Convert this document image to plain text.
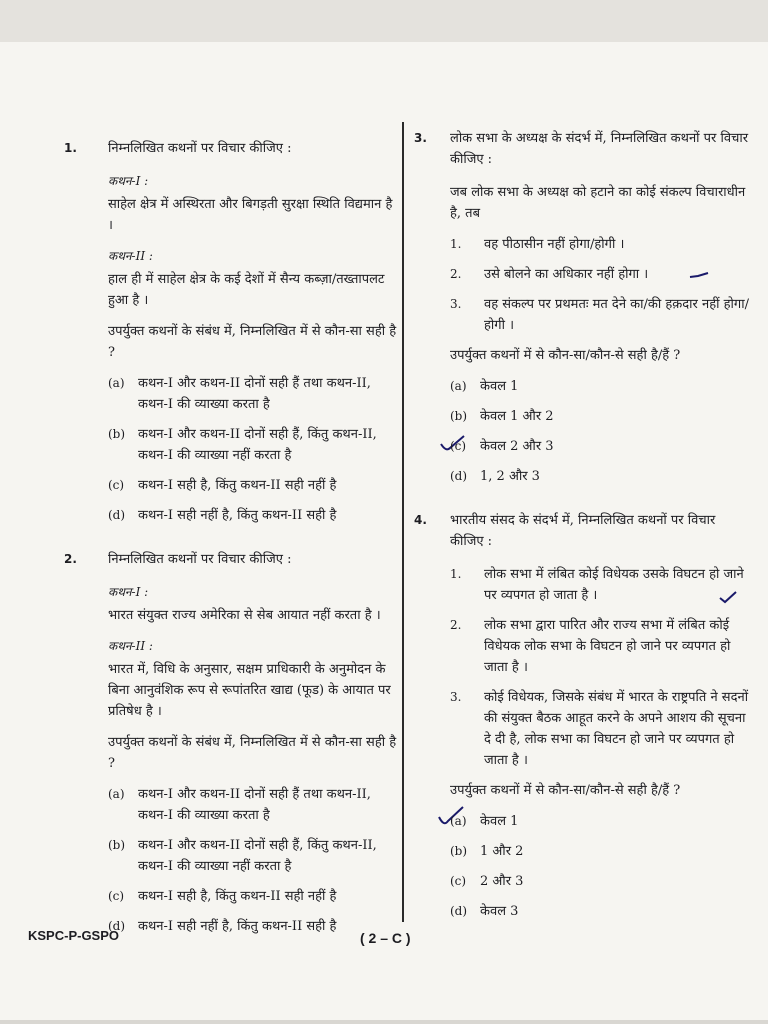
1. निम्नलिखित कथनों पर विचार कीजिए :
कथन-I :
साहेल क्षेत्र में अस्थिरता और बिगड़ती सुरक्षा स्थिति विद्यमान है ।
कथन-II :
हाल ही में साहेल क्षेत्र के कई देशों में सैन्य कब्ज़ा/तख्तापलट हुआ है ।
उपर्युक्त कथनों के संबंध में, निम्नलिखित में से कौन-सा सही है ?
(a) कथन-I और कथन-II दोनों सही हैं तथा कथन-II, कथन-I की व्याख्या करता है
(b) कथन-I और कथन-II दोनों सही हैं, किंतु कथन-II, कथन-I की व्याख्या नहीं करता है
(c) कथन-I सही है, किंतु कथन-II सही नहीं है
(d) कथन-I सही नहीं है, किंतु कथन-II सही है
2. निम्नलिखित कथनों पर विचार कीजिए :
कथन-I :
भारत संयुक्त राज्य अमेरिका से सेब आयात नहीं करता है ।
कथन-II :
भारत में, विधि के अनुसार, सक्षम प्राधिकारी के अनुमोदन के बिना आनुवंशिक रूप से रूपांतरित खाद्य (फूड) के आयात पर प्रतिषेध है ।
उपर्युक्त कथनों के संबंध में, निम्नलिखित में से कौन-सा सही है ?
(a) कथन-I और कथन-II दोनों सही हैं तथा कथन-II, कथन-I की व्याख्या करता है
(b) कथन-I और कथन-II दोनों सही हैं, किंतु कथन-II, कथन-I की व्याख्या नहीं करता है
(c) कथन-I सही है, किंतु कथन-II सही नहीं है
(d) कथन-I सही नहीं है, किंतु कथन-II सही है
3. लोक सभा के अध्यक्ष के संदर्भ में, निम्नलिखित कथनों पर विचार कीजिए :
जब लोक सभा के अध्यक्ष को हटाने का कोई संकल्प विचाराधीन है, तब
1. वह पीठासीन नहीं होगा/होगी ।
2. उसे बोलने का अधिकार नहीं होगा ।
3. वह संकल्प पर प्रथमतः मत देने का/की हक़दार नहीं होगा/होगी ।
उपर्युक्त कथनों में से कौन-सा/कौन-से सही है/हैं ?
(a) केवल 1
(b) केवल 1 और 2
(c) केवल 2 और 3
(d) 1, 2 और 3
4. भारतीय संसद के संदर्भ में, निम्नलिखित कथनों पर विचार कीजिए :
1. लोक सभा में लंबित कोई विधेयक उसके विघटन हो जाने पर व्यपगत हो जाता है ।
2. लोक सभा द्वारा पारित और राज्य सभा में लंबित कोई विधेयक लोक सभा के विघटन हो जाने पर व्यपगत हो जाता है ।
3. कोई विधेयक, जिसके संबंध में भारत के राष्ट्रपति ने सदनों की संयुक्त बैठक आहूत करने के अपने आशय की सूचना दे दी है, लोक सभा का विघटन हो जाने पर व्यपगत हो जाता है ।
उपर्युक्त कथनों में से कौन-सा/कौन-से सही है/हैं ?
(a) केवल 1
(b) 1 और 2
(c) 2 और 3
(d) केवल 3
KSPC-P-GSPO	( 2 – C )
